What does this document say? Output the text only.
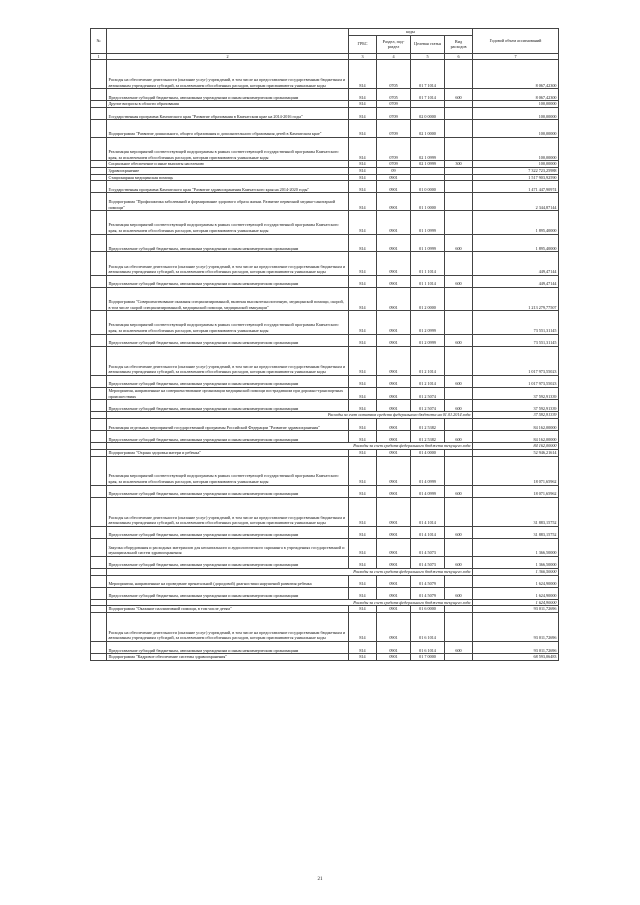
№		коды				Годовой объем ассигнований
		ГРБС	Раздел, под-раздел	Целевая статья	Вид расходов	
1	2	3	4	5	6	7
	Расходы на обеспечение деятельности (оказание услуг) учреждений, в том числе на предоставление государственным бюджетным и автономным учреждениям субсидий, за исключением обособленных расходов, которым присваиваются уникальные коды	814	0705	01 7 1014		8 067,42300
	Предоставление субсидий бюджетным, автономным учреждениям и иным некоммерческим организациям	814	0705	01 7 1014	600	8 067,42300
	Другие вопросы в области образования	814	0709			100,00000
	Государственная программа Камчатского края "Развитие образования в Камчатском крае на 2014-2016 годы"	814	0709	02 0 0000		100,00000
	Подпрограмма "Развитие дошкольного, общего образования и дополнительного образования детей в Камчатском крае"	814	0709	02 1 0000		100,00000
	Реализация мероприятий соответствующей подпрограммы в рамках соответствующей государственной программы Камчатского края, за исключением обособленных расходов, которым присваиваются уникальные коды	814	0709	02 1 0999		100,00000
	Социальное обеспечение и иные выплаты населению	814	0709	02 1 0999	300	100,00000
	Здравоохранение	814	09			7 322 723,25988
	Стационарная медицинская помощь	814	0901			1 517 903,92590
	Государственная программа Камчатского края "Развитие здравоохранения Камчатского края на 2014-2020 годы"	814	0901	01 0 0000		1 471 447,90974
	Подпрограмма "Профилактика заболеваний и формирование здорового образа жизни. Развитие первичной медико-санитарной помощи"	814	0901	01 1 0000		2 344,87144
	Реализация мероприятий соответствующей подпрограммы в рамках соответствующей государственной программы Камчатского края, за исключением обособленных расходов, которым присваиваются уникальные коды	814	0901	01 1 0999		1 895,40000
	Предоставление субсидий бюджетным, автономным учреждениям и иным некоммерческим организациям	814	0901	01 1 0999	600	1 895,40000
	Расходы на обеспечение деятельности (оказание услуг) учреждений, в том числе на предоставление государственным бюджетным и автономным учреждениям субсидий, за исключением обособленных расходов, которым присваиваются уникальные коды	814	0901	01 1 1014		449,47144
	Предоставление субсидий бюджетным, автономным учреждениям и иным некоммерческим организациям	814	0901	01 1 1014	600	449,47144
	Подпрограмма "Совершенствование оказания специализированной, включая высокотехнологичную, медицинской помощи, скорой, в том числе скорой специализированной, медицинской помощи, медицинской эвакуации"	814	0901	01 2 0000		1 213 279,77507
	Реализация мероприятий соответствующей подпрограммы в рамках соответствующей государственной программы Камчатского края, за исключением обособленных расходов, которым присваиваются уникальные коды	814	0901	01 2 0999		73 551,31145
	Предоставление субсидий бюджетным, автономным учреждениям и иным некоммерческим организациям	814	0901	01 2 0999	600	73 551,31145
	Расходы на обеспечение деятельности (оказание услуг) учреждений, в том числе на предоставление государственным бюджетным и автономным учреждениям субсидий, за исключением обособленных расходов, которым присваиваются уникальные коды	814	0901	01 2 1014		1 017 973,55023
	Предоставление субсидий бюджетным, автономным учреждениям и иным некоммерческим организациям	814	0901	01 2 1014	600	1 017 973,55023
	Мероприятия, направленные на совершенствование организации медицинской помощи пострадавшим при дорожно-транспортных происшествиях	814	0901	01 2 5074		37 592,91339
	Предоставление субсидий бюджетным, автономным учреждениям и иным некоммерческим организациям	814	0901	01 2 5074	600	37 592,91339
	Расходы за счет остатков средств федерального бюджета на 01.01.2014 года					37 592,91339
	Реализация отдельных мероприятий государственной программы Российской Федерации "Развитие здравоохранения"	814	0901	01 2 5382		84 162,00000
	Предоставление субсидий бюджетным, автономным учреждениям и иным некоммерческим организациям	814	0901	01 2 5382	600	84 162,00000
	Расходы за счет средств федерального бюджета текущего года					84 162,00000
	Подпрограмма "Охрана здоровья матери и ребенка"	814	0901	01 4 0000		52 946,21614
	Реализация мероприятий соответствующей подпрограммы в рамках соответствующей государственной программы Камчатского края, за исключением обособленных расходов, которым присваиваются уникальные коды	814	0901	01 4 0999		18 071,65962
	Предоставление субсидий бюджетным, автономным учреждениям и иным некоммерческим организациям	814	0901	01 4 0999	600	18 071,65962
	Расходы на обеспечение деятельности (оказание услуг) учреждений, в том числе на предоставление государственным бюджетным и автономным учреждениям субсидий, за исключением обособленных расходов, которым присваиваются уникальные коды	814	0901	01 4 1014		31 883,15752
	Предоставление субсидий бюджетным, автономным учреждениям и иным некоммерческим организациям	814	0901	01 4 1014	600	31 883,15752
	Закупка оборудования и расходных материалов для неонатального и аудиологического скрининга в учреждениях государственной и муниципальной систем здравоохранения	814	0901	01 4 5073		1 366,50000
	Предоставление субсидий бюджетным, автономным учреждениям и иным некоммерческим организациям	814	0901	01 4 5073	600	1 366,50000
	Расходы за счет средств федерального бюджета текущего года					1 366,50000
	Мероприятия, направленные на проведение пренатальной (дородовой) диагностики нарушений развития ребенка	814	0901	01 4 5079		1 624,90000
	Предоставление субсидий бюджетным, автономным учреждениям и иным некоммерческим организациям	814	0901	01 4 5079	600	1 624,90000
	Расходы за счет средств федерального бюджета текущего года					1 624,90000
	Подпрограмма "Оказание паллиативной помощи, в том числе детям"	814	0901	01 6 0000		93 011,72696
	Расходы на обеспечение деятельности (оказание услуг) учреждений, в том числе на предоставление государственным бюджетным и автономным учреждениям субсидий, за исключением обособленных расходов, которым присваиваются уникальные коды	814	0901	01 6 1014		93 011,72696
	Предоставление субсидий бюджетным, автономным учреждениям и иным некоммерческим организациям	814	0901	01 6 1014	600	93 011,72696
	Подпрограмма "Кадровое обеспечение системы здравоохранения"	814	0901	01 7 0000		68 593,06483
21
